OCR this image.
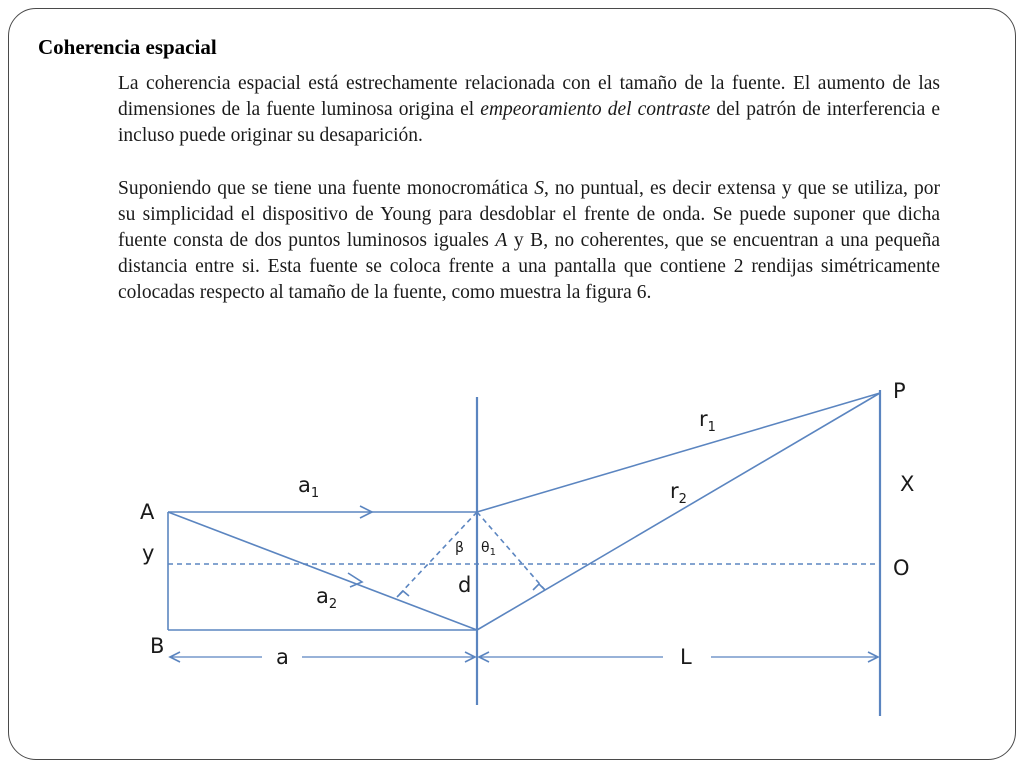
Coherencia espacial

La coherencia espacial está estrechamente relacionada con el tamaño de la fuente. El aumento de las dimensiones de la fuente luminosa origina el empeoramiento del contraste del patrón de interferencia e incluso puede originar su desaparición.

Suponiendo que se tiene una fuente monocromática S, no puntual, es decir extensa y que se utiliza, por su simplicidad el dispositivo de Young para desdoblar el frente de onda. Se puede suponer que dicha fuente consta de dos puntos luminosos iguales A y B, no coherentes, que se encuentran a una pequeña distancia entre si. Esta fuente se coloca frente a una pantalla que contiene 2 rendijas simétricamente colocadas respecto al tamaño de la fuente, como muestra la figura 6.

A
y
B
P
X
O
d
$a_1$
$a_2$
$r_1$
$r_2$
β $\theta_1$
a	L
